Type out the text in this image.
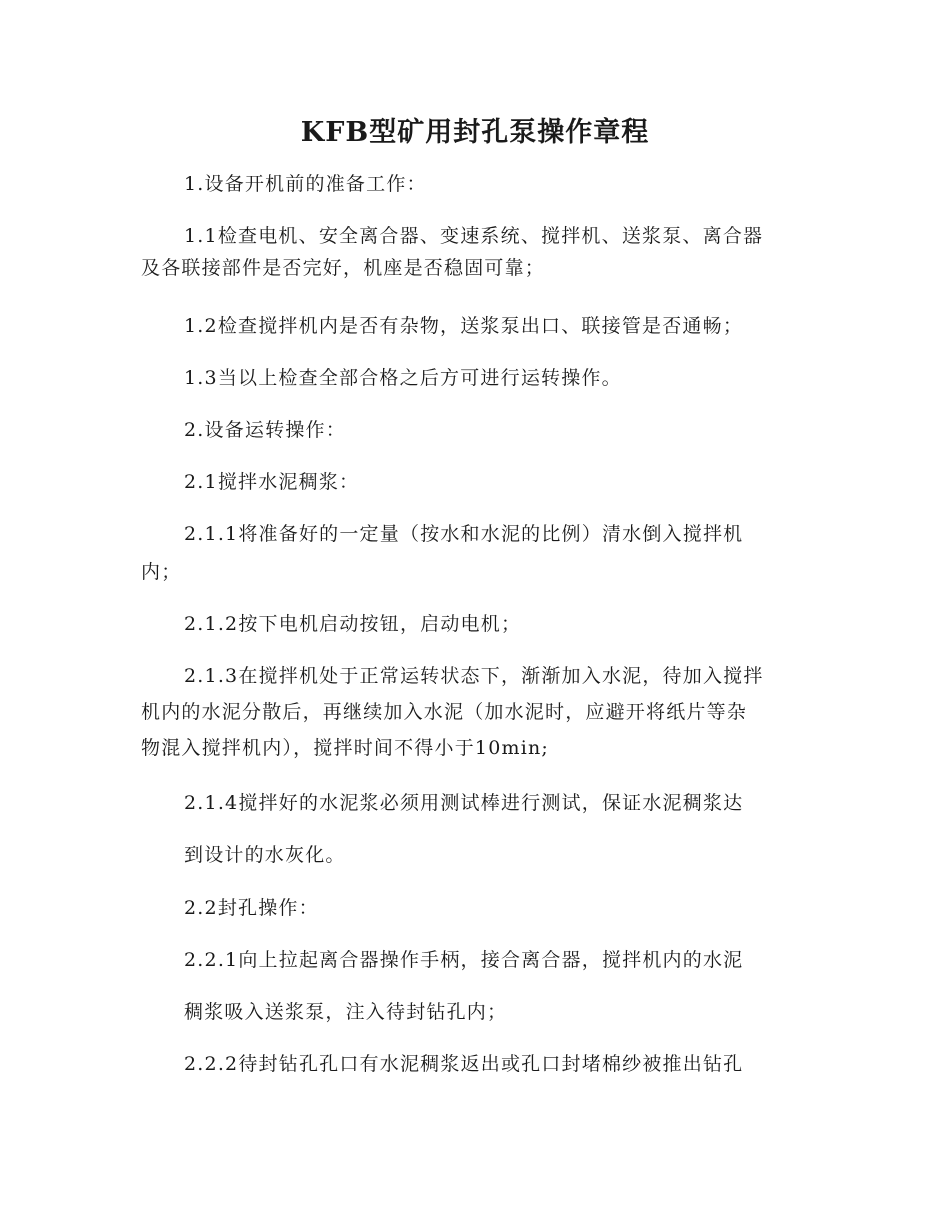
KFB型矿用封孔泵操作章程

1.设备开机前的准备工作：

1.1检查电机、安全离合器、变速系统、搅拌机、送浆泵、离合器

及各联接部件是否完好，机座是否稳固可靠；

1.2检查搅拌机内是否有杂物，送浆泵出口、联接管是否通畅；

1.3当以上检查全部合格之后方可进行运转操作。

2.设备运转操作：

2.1搅拌水泥稠浆：

2.1.1将准备好的一定量（按水和水泥的比例）清水倒入搅拌机

内；

2.1.2按下电机启动按钮，启动电机；

2.1.3在搅拌机处于正常运转状态下，渐渐加入水泥，待加入搅拌

机内的水泥分散后，再继续加入水泥（加水泥时，应避开将纸片等杂

物混入搅拌机内），搅拌时间不得小于10min;

2.1.4搅拌好的水泥浆必须用测试棒进行测试，保证水泥稠浆达

到设计的水灰化。

2.2封孔操作：

2.2.1向上拉起离合器操作手柄，接合离合器，搅拌机内的水泥

稠浆吸入送浆泵，注入待封钻孔内；

2.2.2待封钻孔孔口有水泥稠浆返出或孔口封堵棉纱被推出钻孔
